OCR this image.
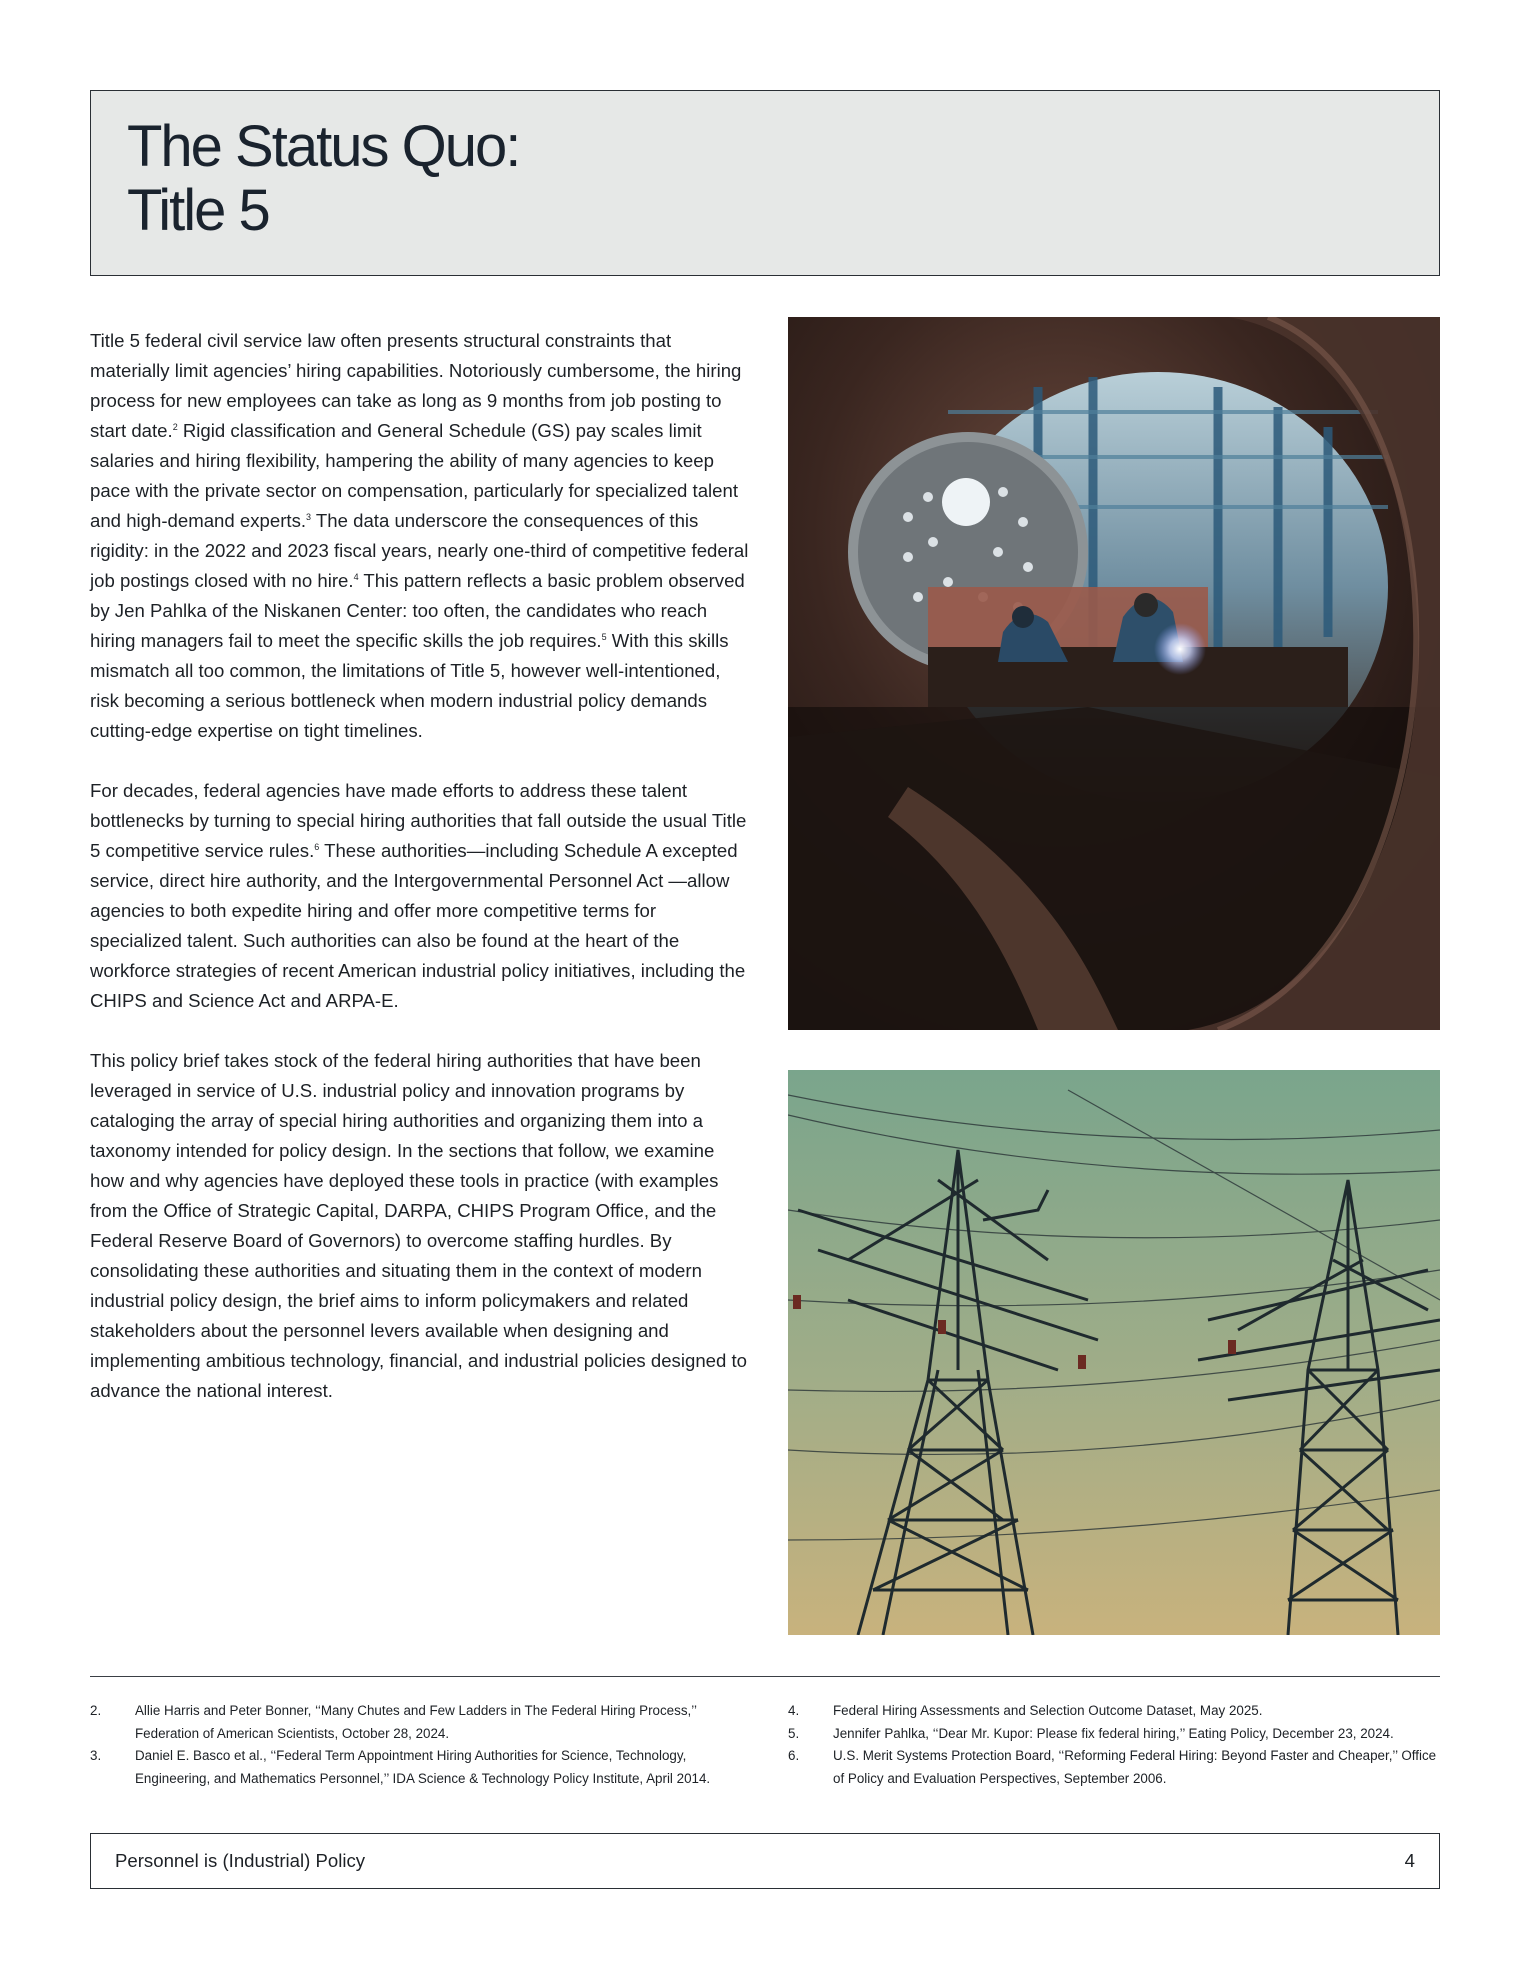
The Status Quo:
Title 5

Title 5 federal civil service law often presents structural constraints that materially limit agencies’ hiring capabilities. Notoriously cumbersome, the hiring process for new employees can take as long as 9 months from job posting to start date.$^2$ Rigid classification and General Schedule (GS) pay scales limit salaries and hiring flexibility, hampering the ability of many agencies to keep pace with the private sector on compensation, particularly for specialized talent and high-demand experts.$^3$ The data underscore the consequences of this rigidity: in the 2022 and 2023 fiscal years, nearly one-third of competitive federal job postings closed with no hire.$^4$ This pattern reflects a basic problem observed by Jen Pahlka of the Niskanen Center: too often, the candidates who reach hiring managers fail to meet the specific skills the job requires.$^5$ With this skills mismatch all too common, the limitations of Title 5, however well-intentioned, risk becoming a serious bottleneck when modern industrial policy demands cutting-edge expertise on tight timelines.

For decades, federal agencies have made efforts to address these talent bottlenecks by turning to special hiring authorities that fall outside the usual Title 5 competitive service rules.$^6$ These authorities—including Schedule A excepted service, direct hire authority, and the Intergovernmental Personnel Act —allow agencies to both expedite hiring and offer more competitive terms for specialized talent. Such authorities can also be found at the heart of the workforce strategies of recent American industrial policy initiatives, including the CHIPS and Science Act and ARPA-E.

This policy brief takes stock of the federal hiring authorities that have been leveraged in service of U.S. industrial policy and innovation programs by cataloging the array of special hiring authorities and organizing them into a taxonomy intended for policy design. In the sections that follow, we examine how and why agencies have deployed these tools in practice (with examples from the Office of Strategic Capital, DARPA, CHIPS Program Office, and the Federal Reserve Board of Governors) to overcome staffing hurdles. By consolidating these authorities and situating them in the context of modern industrial policy design, the brief aims to inform policymakers and related stakeholders about the personnel levers available when designing and implementing ambitious technology, financial, and industrial policies designed to advance the national interest.

2.	Allie Harris and Peter Bonner, ‘‘Many Chutes and Few Ladders in The Federal Hiring Process,’’ Federation of American Scientists, October 28, 2024.
3.	Daniel E. Basco et al., ‘‘Federal Term Appointment Hiring Authorities for Science, Technology, Engineering, and Mathematics Personnel,’’ IDA Science & Technology Policy Institute, April 2014.
4.	Federal Hiring Assessments and Selection Outcome Dataset, May 2025.
5.	Jennifer Pahlka, ‘‘Dear Mr. Kupor: Please fix federal hiring,’’ Eating Policy, December 23, 2024.
6.	U.S. Merit Systems Protection Board, ‘‘Reforming Federal Hiring: Beyond Faster and Cheaper,’’ Office of Policy and Evaluation Perspectives, September 2006.
Personnel is (Industrial) Policy	4
